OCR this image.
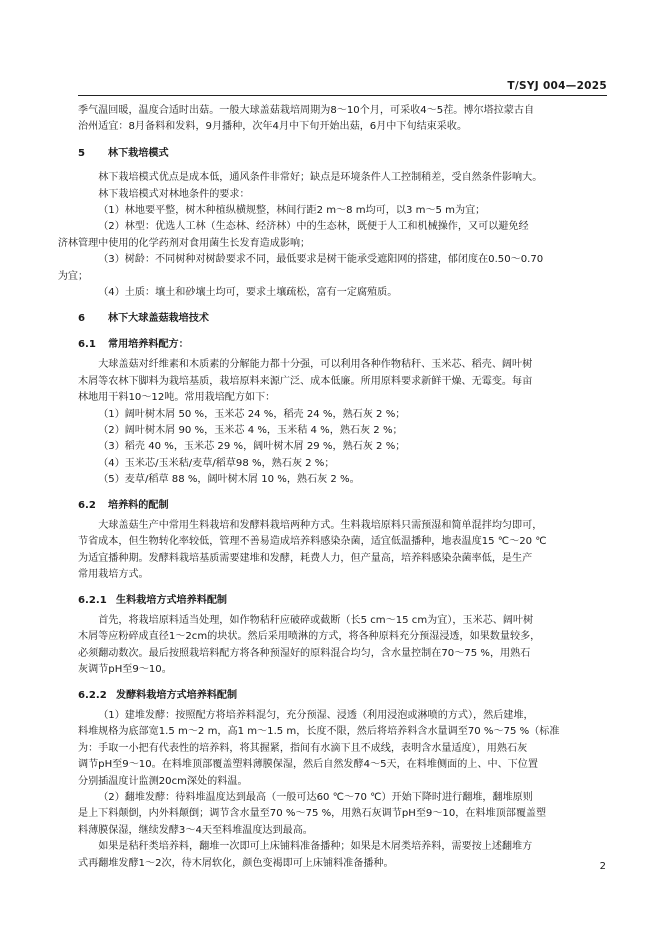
T/SYJ 004—2025

季气温回暖，温度合适时出菇。一般大球盖菇栽培周期为8～10个月，可采收4～5茬。博尔塔拉蒙古自
治州适宜：8月备料和发料，9月播种，次年4月中下旬开始出菇，6月中下旬结束采收。

5 林下栽培模式

林下栽培模式优点是成本低，通风条件非常好；缺点是环境条件人工控制稍差，受自然条件影响大。

林下栽培模式对林地条件的要求：

（1）林地要平整，树木种植纵横规整，林间行距2 m～8 m均可，以3 m～5 m为宜；

（2）林型：优选人工林（生态林、经济林）中的生态林，既便于人工和机械操作，又可以避免经
济林管理中使用的化学药剂对食用菌生长发育造成影响；

（3）树龄：不同树种对树龄要求不同，最低要求是树干能承受遮阳网的搭建，郁闭度在0.50～0.70
为宜；

（4）土质：壤土和砂壤土均可，要求土壤疏松，富有一定腐殖质。

6 林下大球盖菇栽培技术

6.1 常用培养料配方：

大球盖菇对纤维素和木质素的分解能力都十分强，可以利用各种作物秸秆、玉米芯、稻壳、阔叶树
木屑等农林下脚料为栽培基质，栽培原料来源广泛、成本低廉。所用原料要求新鲜干燥、无霉变。每亩
林地用干料10～12吨。常用栽培配方如下：

（1）阔叶树木屑 50 %，玉米芯 24 %，稻壳 24 %，熟石灰 2 %；

（2）阔叶树木屑 90 %，玉米芯 4 %，玉米秸 4 %，熟石灰 2 %；

（3）稻壳 40 %，玉米芯 29 %，阔叶树木屑 29 %，熟石灰 2 %；

（4）玉米芯/玉米秸/麦草/稻草98 %，熟石灰 2 %；

（5）麦草/稻草 88 %，阔叶树木屑 10 %，熟石灰 2 %。

6.2 培养料的配制

大球盖菇生产中常用生料栽培和发酵料栽培两种方式。生料栽培原料只需预湿和简单混拌均匀即可，
节省成本，但生物转化率较低，管理不善易造成培养料感染杂菌，适宜低温播种，地表温度15 ℃～20 ℃
为适宜播种期。发酵料栽培基质需要建堆和发酵，耗费人力，但产量高，培养料感染杂菌率低，是生产
常用栽培方式。

6.2.1 生料栽培方式培养料配制

首先，将栽培原料适当处理，如作物秸秆应破碎或截断（长5 cm～15 cm为宜），玉米芯、阔叶树
木屑等应粉碎成直径1～2cm的块状。然后采用喷淋的方式，将各种原料充分预湿浸透，如果数量较多，
必须翻动数次。最后按照栽培料配方将各种预湿好的原料混合均匀，含水量控制在70～75 %，用熟石
灰调节pH至9～10。

6.2.2 发酵料栽培方式培养料配制

（1）建堆发酵：按照配方将培养料混匀，充分预湿、浸透（利用浸泡或淋喷的方式），然后建堆，
料堆规格为底部宽1.5 m～2 m，高1 m～1.5 m，长度不限，然后将培养料含水量调至70 %～75 %（标准
为：手取一小把有代表性的培养料，将其握紧，指间有水滴下且不成线，表明含水量适度），用熟石灰
调节pH至9～10。在料堆顶部覆盖塑料薄膜保湿，然后自然发酵4～5天，在料堆侧面的上、中、下位置
分别插温度计监测20cm深处的料温。

（2）翻堆发酵：待料堆温度达到最高（一般可达60 ℃～70 ℃）开始下降时进行翻堆，翻堆原则
是上下料颠倒，内外料颠倒；调节含水量至70 %～75 %，用熟石灰调节pH至9～10，在料堆顶部覆盖塑
料薄膜保湿，继续发酵3～4天至料堆温度达到最高。

如果是秸秆类培养料，翻堆一次即可上床铺料准备播种；如果是木屑类培养料，需要按上述翻堆方
式再翻堆发酵1～2次，待木屑软化，颜色变褐即可上床铺料准备播种。	2
